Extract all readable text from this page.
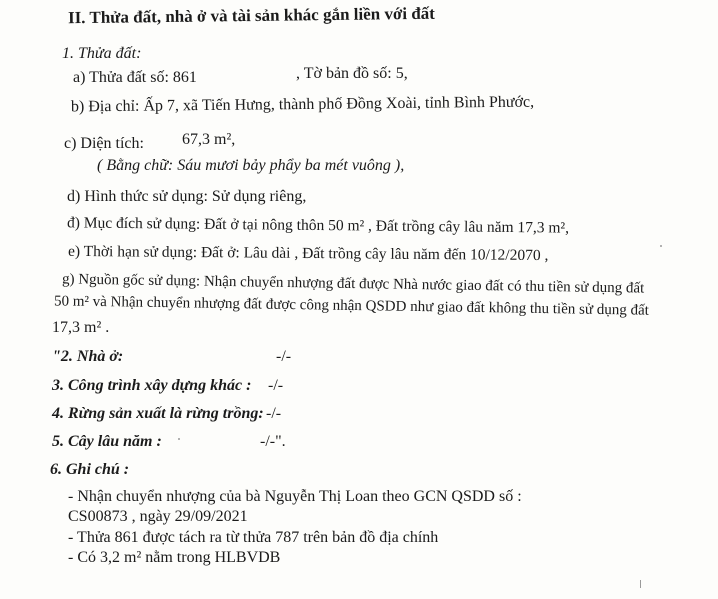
II. Thửa đất, nhà ở và tài sản khác gắn liền với đất
1. Thửa đất:
a) Thửa đất số: 861	, Tờ bản đồ số: 5,
b) Địa chỉ: Ấp 7, xã Tiến Hưng, thành phố Đồng Xoài, tỉnh Bình Phước,
c) Diện tích: 67,3 m²,
( Bằng chữ: Sáu mươi bảy phẩy ba mét vuông ),
d) Hình thức sử dụng: Sử dụng riêng,
đ) Mục đích sử dụng: Đất ở tại nông thôn 50 m² , Đất trồng cây lâu năm 17,3 m²,
e) Thời hạn sử dụng: Đất ở: Lâu dài , Đất trồng cây lâu năm đến 10/12/2070 ,
g) Nguồn gốc sử dụng: Nhận chuyển nhượng đất được Nhà nước giao đất có thu tiền sử dụng đất
50 m² và Nhận chuyển nhượng đất được công nhận QSDD như giao đất không thu tiền sử dụng đất
17,3 m² .
"2. Nhà ở:	-/-
3. Công trình xây dựng khác : -/-
4. Rừng sản xuất là rừng trồng: -/-
5. Cây lâu năm :	-/-".
6. Ghi chú :
- Nhận chuyển nhượng của bà Nguyễn Thị Loan theo GCN QSDD số :
CS00873 , ngày 29/09/2021
- Thửa 861 được tách ra từ thửa 787 trên bản đồ địa chính
- Có 3,2 m² nằm trong HLBVDB
